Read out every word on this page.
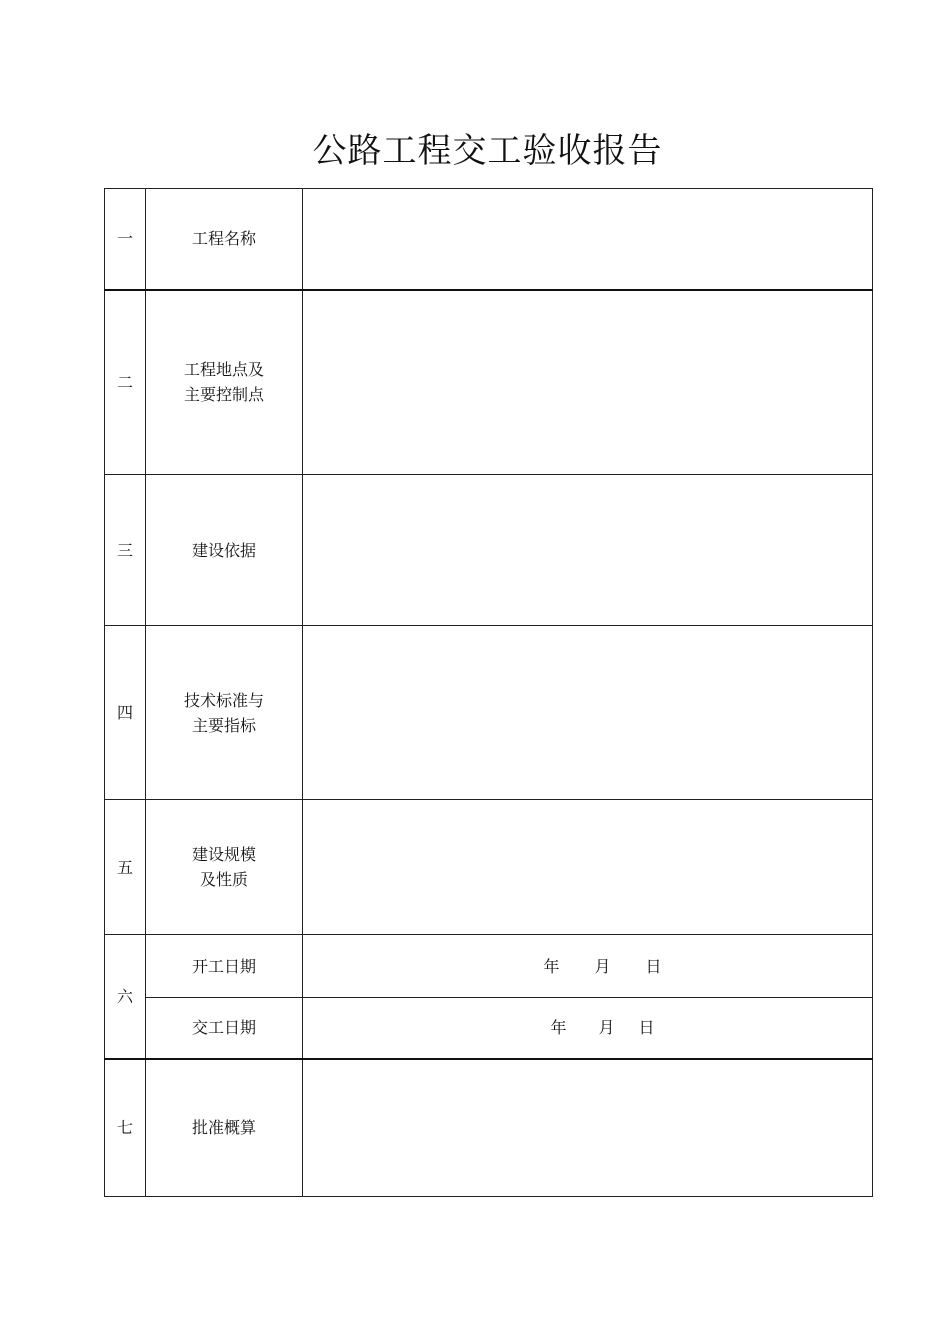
公路工程交工验收报告
一	工程名称	

二	工程地点及
主要控制点	

三	建设依据	

四	技术标准与
主要指标	

五	建设规模
及性质	

六	开工日期	年 月 日
	交工日期	年 月 日
七	批准概算	
